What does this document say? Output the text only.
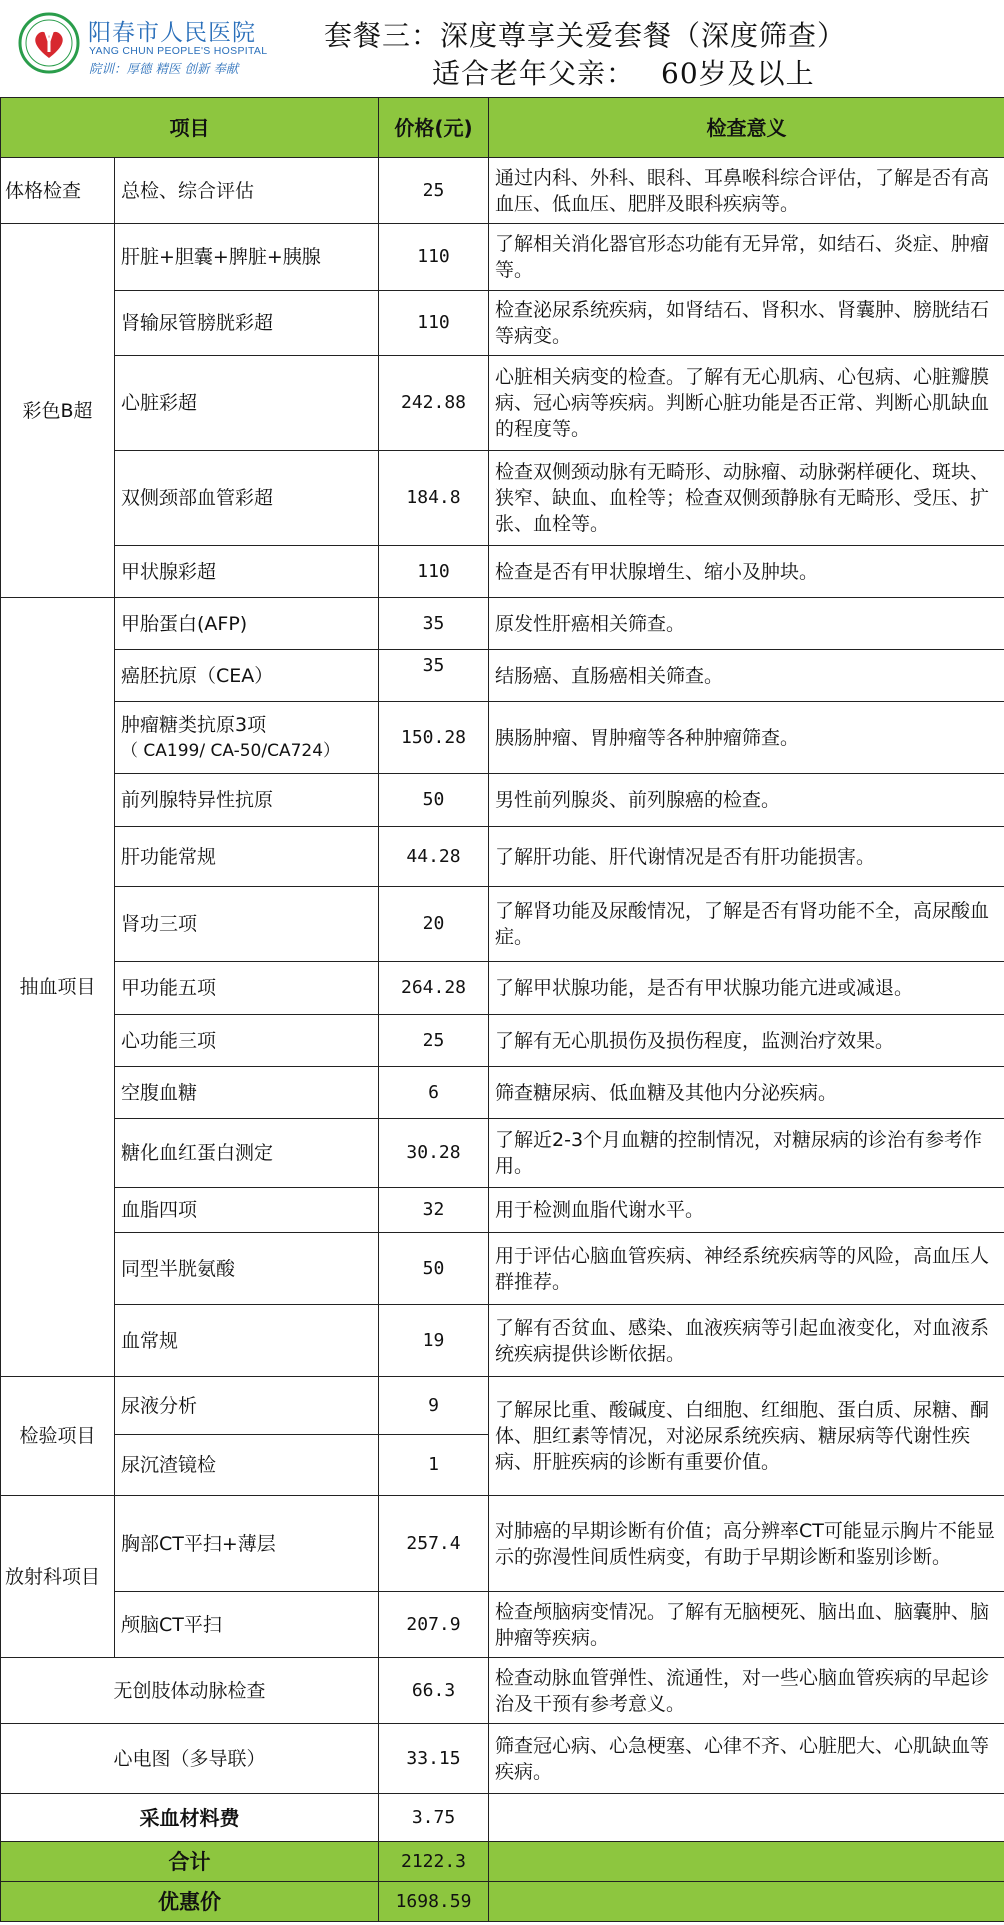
阳春市人民医院
YANG CHUN PEOPLE'S HOSPITAL
院训：厚德 精医 创新 奉献
套餐三：深度尊享关爱套餐（深度筛查）
适合老年父亲： 60岁及以上
项目		价格(元)	检查意义
体格检查	总检、综合评估	25	通过内科、外科、眼科、耳鼻喉科综合评估，了解是否有高血压、低血压、肥胖及眼科疾病等。
彩色B超	肝脏+胆囊+脾脏+胰腺	110	了解相关消化器官形态功能有无异常，如结石、炎症、肿瘤等。
	肾输尿管膀胱彩超	110	检查泌尿系统疾病，如肾结石、肾积水、肾囊肿、膀胱结石等病变。
	心脏彩超	242.88	心脏相关病变的检查。了解有无心肌病、心包病、心脏瓣膜病、冠心病等疾病。判断心脏功能是否正常、判断心肌缺血的程度等。
	双侧颈部血管彩超	184.8	检查双侧颈动脉有无畸形、动脉瘤、动脉粥样硬化、斑块、狭窄、缺血、血栓等；检查双侧颈静脉有无畸形、受压、扩张、血栓等。
	甲状腺彩超	110	检查是否有甲状腺增生、缩小及肿块。
抽血项目	甲胎蛋白(AFP)	35	原发性肝癌相关筛查。
	癌胚抗原（CEA）	35	结肠癌、直肠癌相关筛查。

	肿瘤糖类抗原3项
（ CA199/ CA-50/CA724）	150.28	胰肠肿瘤、胃肿瘤等各种肿瘤筛查。
	前列腺特异性抗原	50	男性前列腺炎、前列腺癌的检查。
	肝功能常规	44.28	了解肝功能、肝代谢情况是否有肝功能损害。
	肾功三项	20	了解肾功能及尿酸情况，了解是否有肾功能不全，高尿酸血症。
	甲功能五项	264.28	了解甲状腺功能，是否有甲状腺功能亢进或减退。
	心功能三项	25	了解有无心肌损伤及损伤程度，监测治疗效果。
	空腹血糖	6	筛查糖尿病、低血糖及其他内分泌疾病。
	糖化血红蛋白测定	30.28	了解近2-3个月血糖的控制情况，对糖尿病的诊治有参考作用。
	血脂四项	32	用于检测血脂代谢水平。
	同型半胱氨酸	50	用于评估心脑血管疾病、神经系统疾病等的风险，高血压人群推荐。
	血常规	19	了解有否贫血、感染、血液疾病等引起血液变化，对血液系统疾病提供诊断依据。
检验项目	尿液分析	9	了解尿比重、酸碱度、白细胞、红细胞、蛋白质、尿糖、酮体、胆红素等情况，对泌尿系统疾病、糖尿病等代谢性疾病、肝脏疾病的诊断有重要价值。
	尿沉渣镜检	1	
放射科项目	胸部CT平扫+薄层	257.4	对肺癌的早期诊断有价值；高分辨率CT可能显示胸片不能显示的弥漫性间质性病变，有助于早期诊断和鉴别诊断。
	颅脑CT平扫	207.9	检查颅脑病变情况。了解有无脑梗死、脑出血、脑囊肿、脑肿瘤等疾病。
无创肢体动脉检查		66.3	检查动脉血管弹性、流通性，对一些心脑血管疾病的早起诊治及干预有参考意义。
心电图（多导联）		33.15	筛查冠心病、心急梗塞、心律不齐、心脏肥大、心肌缺血等疾病。
采血材料费		3.75	
合计		2122.3	
优惠价		1698.59	
